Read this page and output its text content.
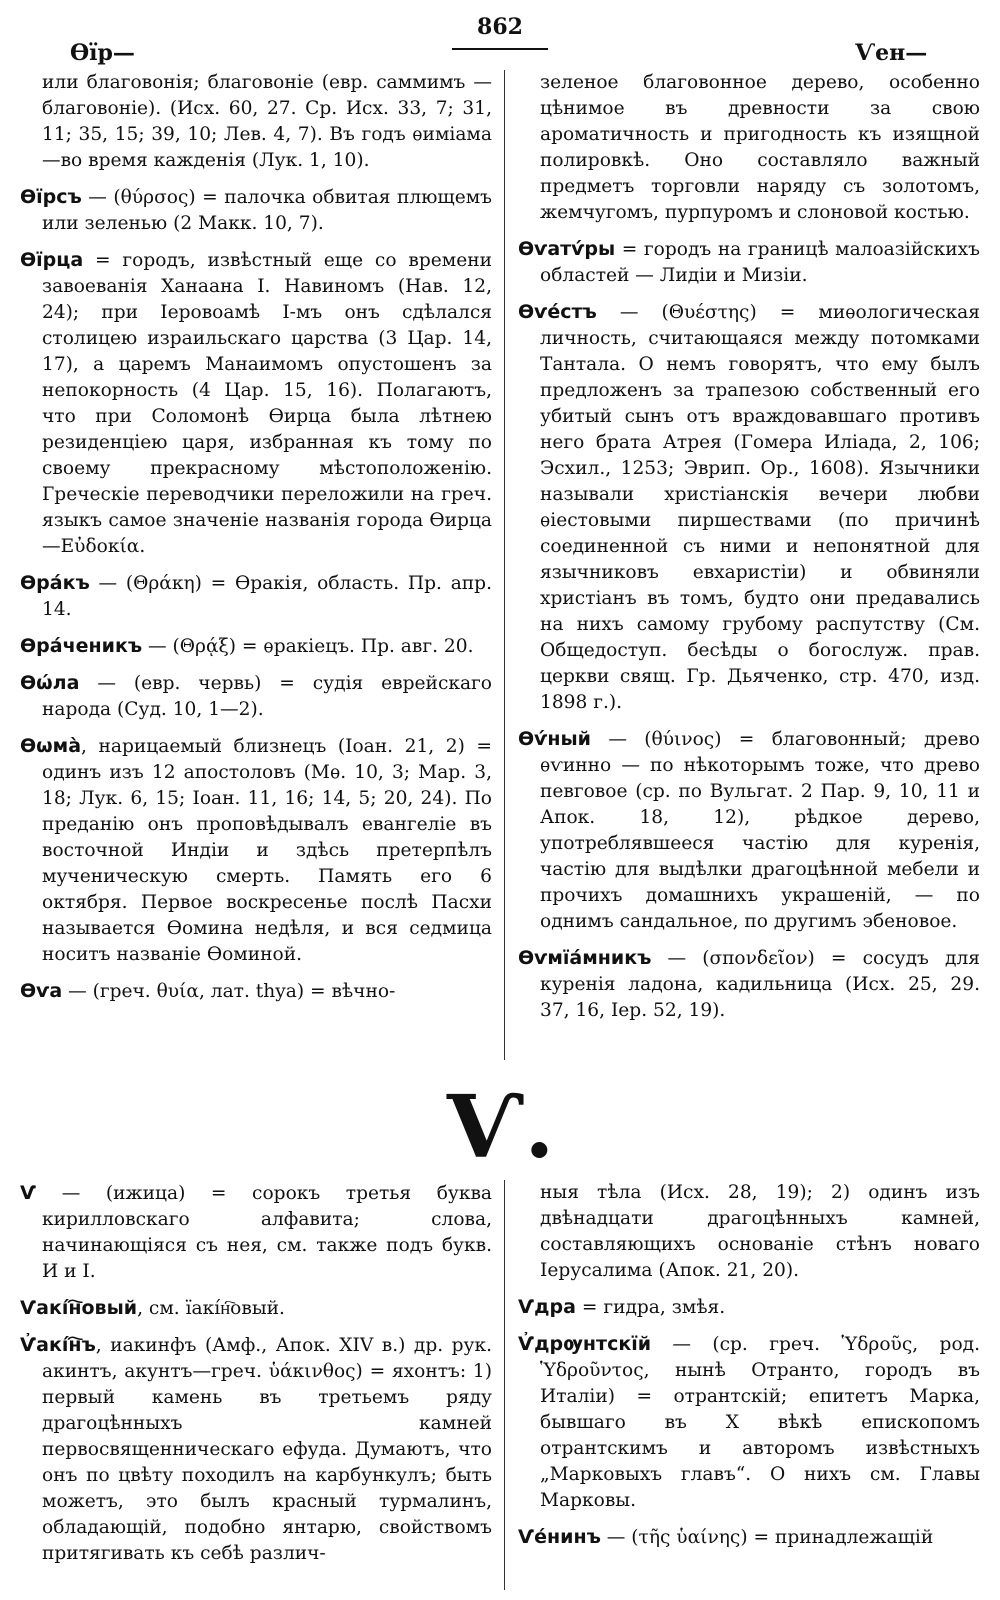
862
Ѳїр—	Ѵен—

или благовонія; благовоніе (евр. саммимъ — благовоніе). (Исх. 60, 27. Ср. Исх. 33, 7; 31, 11; 35, 15; 39, 10; Лев. 4, 7). Въ годъ ѳиміама—во время кажденія (Лук. 1, 10).

Ѳїрсъ — (θύρσος) = палочка обвитая плющемъ или зеленью (2 Макк. 10, 7).

Ѳїрца = городъ, извѣстный еще со времени завоеванія Ханаана І. Навиномъ (Нав. 12, 24); при Іеровоамѣ І-мъ онъ сдѣлался столицею израильскаго царства (3 Цар. 14, 17), а царемъ Манаимомъ опустошенъ за непокорность (4 Цар. 15, 16). Полагаютъ, что при Соломонѣ Ѳирца была лѣтнею резиденціею царя, избранная къ тому по своему прекрасному мѣстоположенію. Греческіе переводчики переложили на греч. языкъ самое значеніе названія города Ѳирца—Εὐδοκία.

Ѳра́къ — (Θράκη) = Ѳракія, область. Пр. апр. 14.

Ѳра́ченикъ — (Θρᾴξ) = ѳракіецъ. Пр. авг. 20.

Ѳѡ́ла — (евр. червь) = судія еврейскаго народа (Суд. 10, 1—2).

Ѳѡма̀, нарицаемый близнецъ (Іоан. 21, 2) = одинъ изъ 12 апостоловъ (Мѳ. 10, 3; Мар. 3, 18; Лук. 6, 15; Іоан. 11, 16; 14, 5; 20, 24). По преданію онъ проповѣдывалъ евангеліе въ восточной Индіи и здѣсь претерпѣлъ мученическую смерть. Память его 6 октября. Первое воскресенье послѣ Пасхи называется Ѳомина недѣля, и вся седмица носитъ названіе Ѳоминой.

Ѳѵа — (греч. θυία, лат. thya) = вѣчно-

зеленое благовонное дерево, особенно цѣнимое въ древности за свою ароматичность и пригодность къ изящной полировкѣ. Оно составляло важный предметъ торговли наряду съ золотомъ, жемчугомъ, пурпуромъ и слоновой костью.

Ѳѵатѵ́ры = городъ на границѣ малоазійскихъ областей — Лидіи и Мизіи.

Ѳѵе́стъ — (Θυέστης) = миѳологическая личность, считающаяся между потомками Тантала. О немъ говорятъ, что ему былъ предложенъ за трапезою собственный его убитый сынъ отъ враждовавшаго противъ него брата Атрея (Гомера Иліада, 2, 106; Эсхил., 1253; Эврип. Ор., 1608). Язычники называли христіанскія вечери любви ѳіестовыми пиршествами (по причинѣ соединенной съ ними и непонятной для язычниковъ евхаристіи) и обвиняли христіанъ въ томъ, будто они предавались на нихъ самому грубому распутству (См. Общедоступ. бесѣды о богослуж. прав. церкви свящ. Гр. Дьяченко, стр. 470, изд. 1898 г.).

Ѳѵ́ный — (θύινος) = благовонный; древо ѳѵинно — по нѣкоторымъ тоже, что древо певговое (ср. по Вульгат. 2 Пар. 9, 10, 11 и Апок. 18, 12), рѣдкое дерево, употреблявшееся частію для куренія, частію для выдѣлки драгоцѣнной мебели и прочихъ домашнихъ украшеній, — по однимъ сандальное, по другимъ эбеновое.

Ѳѵмїа́мникъ — (σπονδεῖον) = сосудъ для куренія ладона, кадильница (Исх. 25, 29. 37, 16, Іер. 52, 19).

Ѵ.

Ѵ — (ижица) = сорокъ третья буква кирилловскаго алфавита; слова, начинающіяся съ нея, см. также подъ букв. И и І.

Ѵакі́н҇овый, см. їакі́н҇овый.

Ѵ҆акі́н҇ъ, иакинфъ (Амф., Апок. XIV в.) др. рук. акинтъ, акунтъ—греч. ὑάκινθος) = яхонтъ: 1) первый камень въ третьемъ ряду драгоцѣнныхъ камней первосвященническаго ефуда. Думаютъ, что онъ по цвѣту походилъ на карбункулъ; быть можетъ, это былъ красный турмалинъ, обладающій, подобно янтарю, свойствомъ притягивать къ себѣ различ-

ныя тѣла (Исх. 28, 19); 2) одинъ изъ двѣнадцати драгоцѣнныхъ камней, составляющихъ основаніе стѣнъ новаго Іерусалима (Апок. 21, 20).

Ѵдра = гидра, змѣя.

Ѵ҆дрѹнтскїй — (ср. греч. Ὑδροῦς, род. Ὑδροῦντος, нынѣ Отранто, городъ въ Италіи) = отрантскій; епитетъ Марка, бывшаго въ X вѣкѣ епископомъ отрантскимъ и авторомъ извѣстныхъ „Марковыхъ главъ“. О нихъ см. Главы Марковы.

Ѵе́нинъ — (τῆς ὑαίνης) = принадлежащій
